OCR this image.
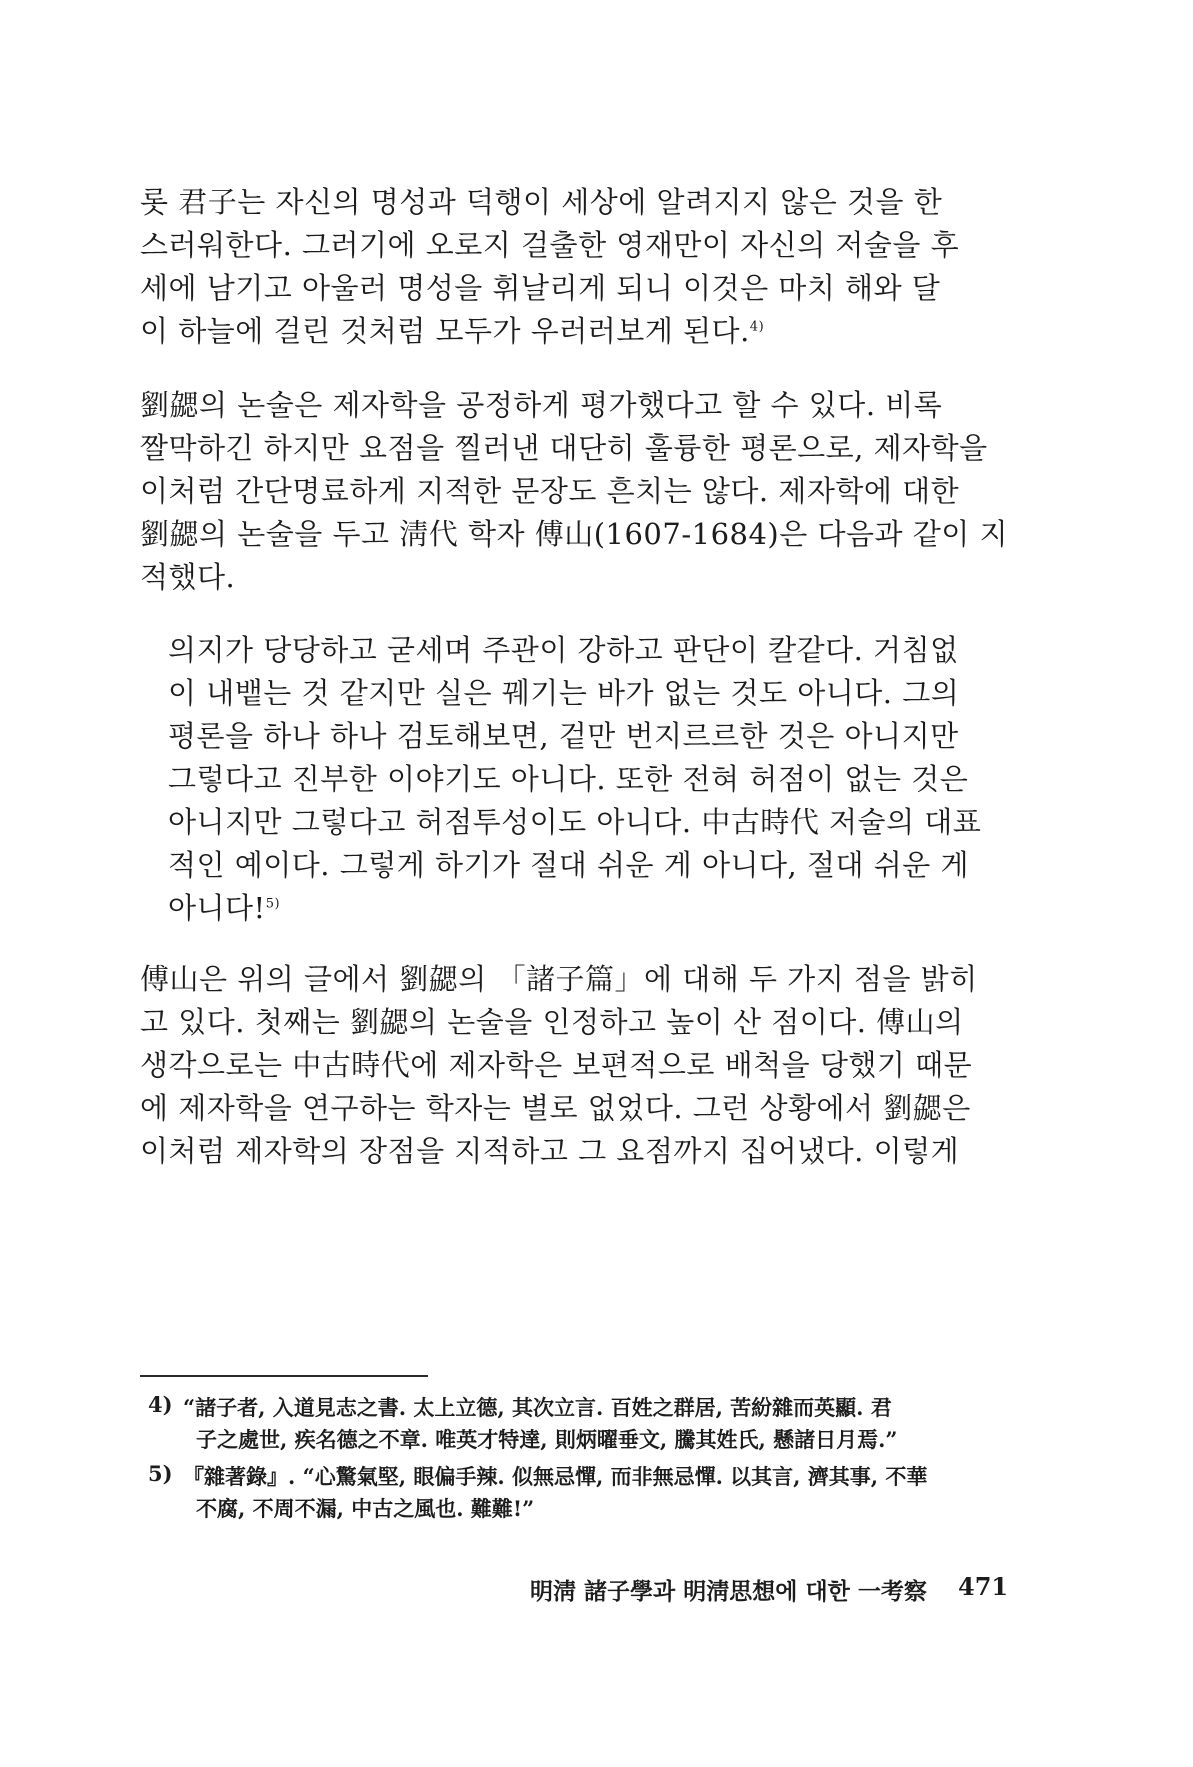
롯 君子는 자신의 명성과 덕행이 세상에 알려지지 않은 것을 한
스러워한다. 그러기에 오로지 걸출한 영재만이 자신의 저술을 후
세에 남기고 아울러 명성을 휘날리게 되니 이것은 마치 해와 달
이 하늘에 걸린 것처럼 모두가 우러러보게 된다.$^{4)}$
劉勰의 논술은 제자학을 공정하게 평가했다고 할 수 있다. 비록
짤막하긴 하지만 요점을 찔러낸 대단히 훌륭한 평론으로, 제자학을
이처럼 간단명료하게 지적한 문장도 흔치는 않다. 제자학에 대한
劉勰의 논술을 두고 淸代 학자 傅山(1607-1684)은 다음과 같이 지
적했다.
의지가 당당하고 굳세며 주관이 강하고 판단이 칼같다. 거침없
이 내뱉는 것 같지만 실은 꿰기는 바가 없는 것도 아니다. 그의
평론을 하나 하나 검토해보면, 겉만 번지르르한 것은 아니지만
그렇다고 진부한 이야기도 아니다. 또한 전혀 허점이 없는 것은
아니지만 그렇다고 허점투성이도 아니다. 中古時代 저술의 대표
적인 예이다. 그렇게 하기가 절대 쉬운 게 아니다, 절대 쉬운 게
아니다!$^{5)}$
傅山은 위의 글에서 劉勰의 「諸子篇」에 대해 두 가지 점을 밝히
고 있다. 첫째는 劉勰의 논술을 인정하고 높이 산 점이다. 傅山의
생각으로는 中古時代에 제자학은 보편적으로 배척을 당했기 때문
에 제자학을 연구하는 학자는 별로 없었다. 그런 상황에서 劉勰은
이처럼 제자학의 장점을 지적하고 그 요점까지 집어냈다. 이렇게
4) “諸子者, 入道見志之書. 太上立德, 其次立言. 百姓之群居, 苦紛雜而英顯. 君
子之處世, 疾名德之不章. 唯英才特達, 則炳曜垂文, 騰其姓氏, 懸諸日月焉.”
5) 『雜著錄』. “心驚氣堅, 眼偏手辣. 似無忌憚, 而非無忌憚. 以其言, 濟其事, 不華
不腐, 不周不漏, 中古之風也. 難難!”
明淸 諸子學과 明淸思想에 대한 一考察 471
